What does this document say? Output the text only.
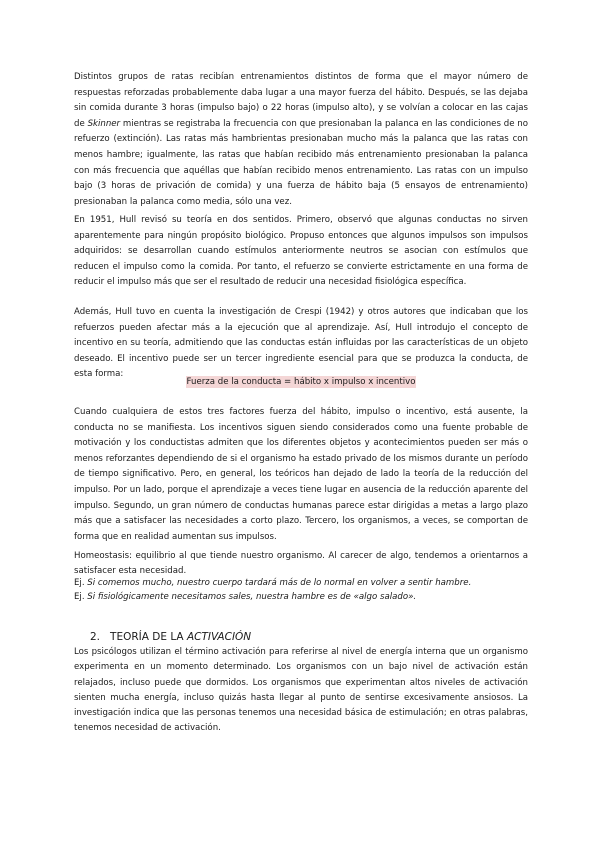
Distintos grupos de ratas recibían entrenamientos distintos de forma que el mayor número de respuestas reforzadas probablemente daba lugar a una mayor fuerza del hábito. Después, se las dejaba sin comida durante 3 horas (impulso bajo) o 22 horas (impulso alto), y se volvían a colocar en las cajas de Skinner mientras se registraba la frecuencia con que presionaban la palanca en las condiciones de no refuerzo (extinción). Las ratas más hambrientas presionaban mucho más la palanca que las ratas con menos hambre; igualmente, las ratas que habían recibido más entrenamiento presionaban la palanca con más frecuencia que aquéllas que habían recibido menos entrenamiento. Las ratas con un impulso bajo (3 horas de privación de comida) y una fuerza de hábito baja (5 ensayos de entrenamiento) presionaban la palanca como media, sólo una vez.

En 1951, Hull revisó su teoría en dos sentidos. Primero, observó que algunas conductas no sirven aparentemente para ningún propósito biológico. Propuso entonces que algunos impulsos son impulsos adquiridos: se desarrollan cuando estímulos anteriormente neutros se asocian con estímulos que reducen el impulso como la comida. Por tanto, el refuerzo se convierte estrictamente en una forma de reducir el impulso más que ser el resultado de reducir una necesidad fisiológica específica.

Además, Hull tuvo en cuenta la investigación de Crespi (1942) y otros autores que indicaban que los refuerzos pueden afectar más a la ejecución que al aprendizaje. Así, Hull introdujo el concepto de incentivo en su teoría, admitiendo que las conductas están influidas por las características de un objeto deseado. El incentivo puede ser un tercer ingrediente esencial para que se produzca la conducta, de esta forma:

Fuerza de la conducta = hábito x impulso x incentivo

Cuando cualquiera de estos tres factores fuerza del hábito, impulso o incentivo, está ausente, la conducta no se manifiesta. Los incentivos siguen siendo considerados como una fuente probable de motivación y los conductistas admiten que los diferentes objetos y acontecimientos pueden ser más o menos reforzantes dependiendo de si el organismo ha estado privado de los mismos durante un período de tiempo significativo. Pero, en general, los teóricos han dejado de lado la teoría de la reducción del impulso. Por un lado, porque el aprendizaje a veces tiene lugar en ausencia de la reducción aparente del impulso. Segundo, un gran número de conductas humanas parece estar dirigidas a metas a largo plazo más que a satisfacer las necesidades a corto plazo. Tercero, los organismos, a veces, se comportan de forma que en realidad aumentan sus impulsos.

Homeostasis: equilibrio al que tiende nuestro organismo. Al carecer de algo, tendemos a orientarnos a satisfacer esta necesidad.

Ej. Si comemos mucho, nuestro cuerpo tardará más de lo normal en volver a sentir hambre.

Ej. Si fisiológicamente necesitamos sales, nuestra hambre es de «algo salado».

2. TEORÍA DE LA ACTIVACIÓN

Los psicólogos utilizan el término activación para referirse al nivel de energía interna que un organismo experimenta en un momento determinado. Los organismos con un bajo nivel de activación están relajados, incluso puede que dormidos. Los organismos que experimentan altos niveles de activación sienten mucha energía, incluso quizás hasta llegar al punto de sentirse excesivamente ansiosos. La investigación indica que las personas tenemos una necesidad básica de estimulación; en otras palabras, tenemos necesidad de activación.
